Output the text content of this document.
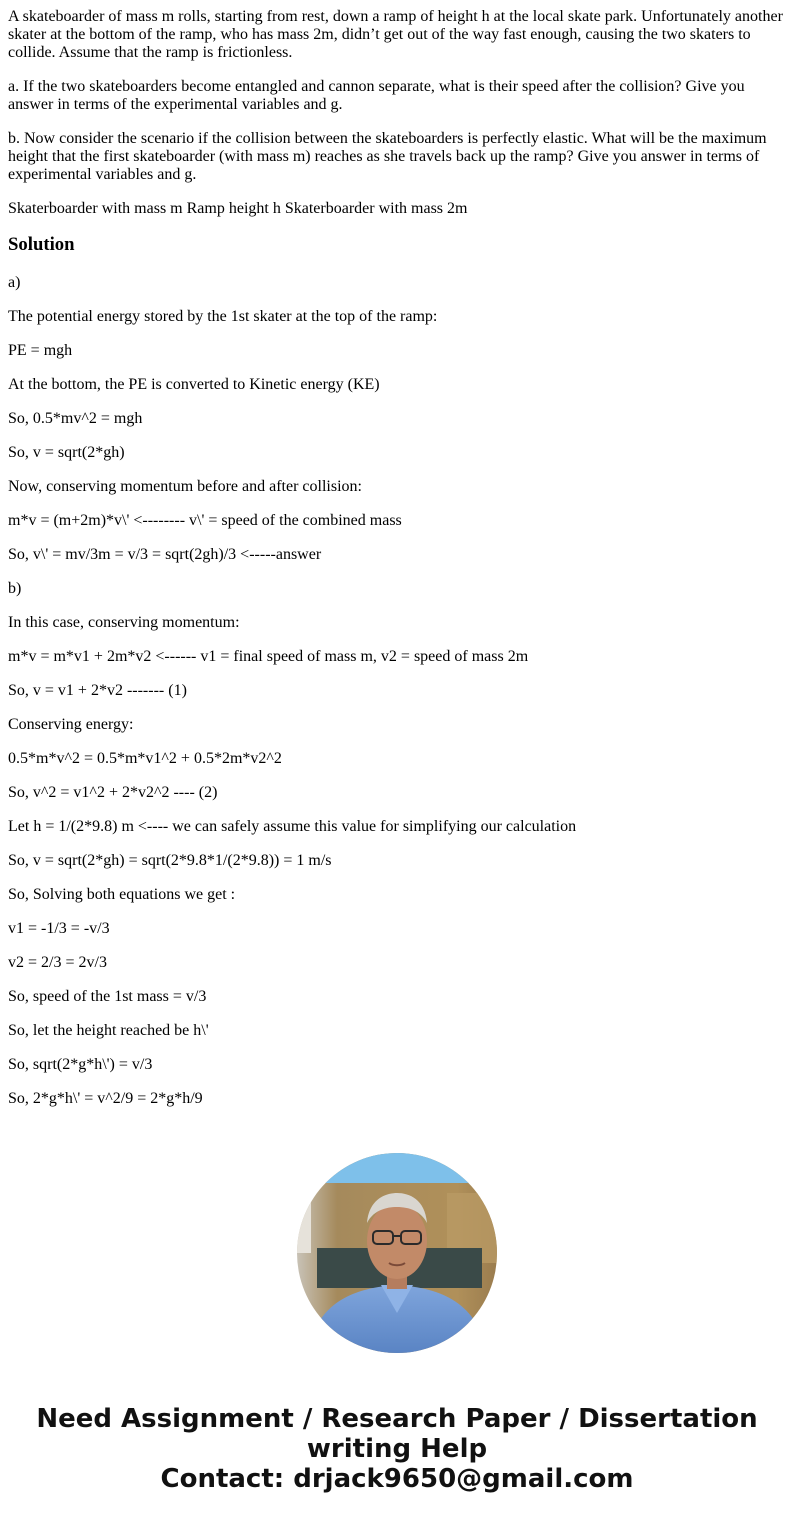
A skateboarder of mass m rolls, starting from rest, down a ramp of height h at the local skate park. Unfortunately another skater at the bottom of the ramp, who has mass 2m, didn’t get out of the way fast enough, causing the two skaters to collide. Assume that the ramp is frictionless.

a. If the two skateboarders become entangled and cannon separate, what is their speed after the collision? Give you answer in terms of the experimental variables and g.

b. Now consider the scenario if the collision between the skateboarders is perfectly elastic. What will be the maximum height that the first skateboarder (with mass m) reaches as she travels back up the ramp? Give you answer in terms of experimental variables and g.

Skaterboarder with mass m Ramp height h Skaterboarder with mass 2m

Solution

a)

The potential energy stored by the 1st skater at the top of the ramp:

PE = mgh

At the bottom, the PE is converted to Kinetic energy (KE)

So, 0.5*mv^2 = mgh

So, v = sqrt(2*gh)

Now, conserving momentum before and after collision:

m*v = (m+2m)*v\' <-------- v\' = speed of the combined mass

So, v\' = mv/3m = v/3 = sqrt(2gh)/3 <-----answer

b)

In this case, conserving momentum:

m*v = m*v1 + 2m*v2 <------ v1 = final speed of mass m, v2 = speed of mass 2m

So, v = v1 + 2*v2 ------- (1)

Conserving energy:

0.5*m*v^2 = 0.5*m*v1^2 + 0.5*2m*v2^2

So, v^2 = v1^2 + 2*v2^2 ---- (2)

Let h = 1/(2*9.8) m <---- we can safely assume this value for simplifying our calculation

So, v = sqrt(2*gh) = sqrt(2*9.8*1/(2*9.8)) = 1 m/s

So, Solving both equations we get :

v1 = -1/3 = -v/3

v2 = 2/3 = 2v/3

So, speed of the 1st mass = v/3

So, let the height reached be h\'

So, sqrt(2*g*h\') = v/3

So, 2*g*h\' = v^2/9 = 2*g*h/9

Need Assignment / Research Paper / Dissertation
writing Help
Contact: drjack9650@gmail.com
